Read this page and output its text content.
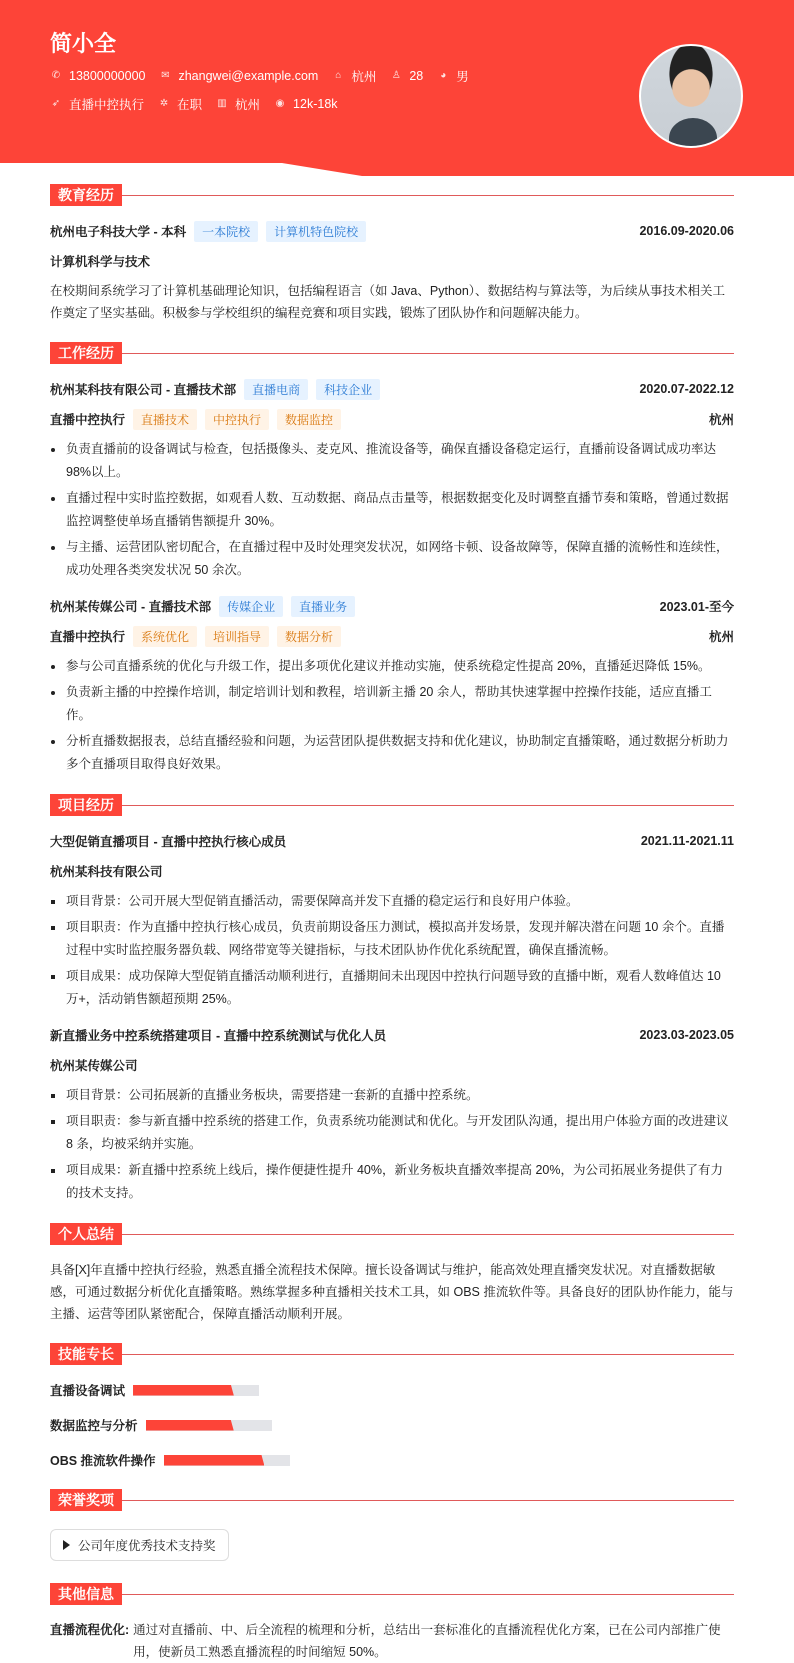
简小全
✆ 13800000000 ✉ zhangwei@example.com ⌂ 杭州 ♙ 28 ◕ 男
➶ 直播中控执行 ✲ 在职 ▥ 杭州 ◉ 12k-18k
教育经历
杭州电子科技大学 - 本科	一本院校	计算机特色院校	2016.09-2020.06
计算机科学与技术
在校期间系统学习了计算机基础理论知识，包括编程语言（如 Java、Python）、数据结构与算法等，为后续从事技术相关工作奠定了坚实基础。积极参与学校组织的编程竞赛和项目实践，锻炼了团队协作和问题解决能力。
工作经历
杭州某科技有限公司 - 直播技术部	直播电商	科技企业	2020.07-2022.12
直播中控执行	直播技术	中控执行	数据监控	杭州
负责直播前的设备调试与检查，包括摄像头、麦克风、推流设备等，确保直播设备稳定运行，直播前设备调试成功率达 98%以上。
直播过程中实时监控数据，如观看人数、互动数据、商品点击量等，根据数据变化及时调整直播节奏和策略，曾通过数据监控调整使单场直播销售额提升 30%。
与主播、运营团队密切配合，在直播过程中及时处理突发状况，如网络卡顿、设备故障等，保障直播的流畅性和连续性，成功处理各类突发状况 50 余次。
杭州某传媒公司 - 直播技术部	传媒企业	直播业务	2023.01-至今
直播中控执行	系统优化	培训指导	数据分析	杭州
参与公司直播系统的优化与升级工作，提出多项优化建议并推动实施，使系统稳定性提高 20%，直播延迟降低 15%。
负责新主播的中控操作培训，制定培训计划和教程，培训新主播 20 余人，帮助其快速掌握中控操作技能，适应直播工作。
分析直播数据报表，总结直播经验和问题，为运营团队提供数据支持和优化建议，协助制定直播策略，通过数据分析助力多个直播项目取得良好效果。
项目经历
大型促销直播项目 - 直播中控执行核心成员	2021.11-2021.11
杭州某科技有限公司
项目背景：公司开展大型促销直播活动，需要保障高并发下直播的稳定运行和良好用户体验。
项目职责：作为直播中控执行核心成员，负责前期设备压力测试，模拟高并发场景，发现并解决潜在问题 10 余个。直播过程中实时监控服务器负载、网络带宽等关键指标，与技术团队协作优化系统配置，确保直播流畅。
项目成果：成功保障大型促销直播活动顺利进行，直播期间未出现因中控执行问题导致的直播中断，观看人数峰值达 10 万+，活动销售额超预期 25%。
新直播业务中控系统搭建项目 - 直播中控系统测试与优化人员	2023.03-2023.05
杭州某传媒公司
项目背景：公司拓展新的直播业务板块，需要搭建一套新的直播中控系统。
项目职责：参与新直播中控系统的搭建工作，负责系统功能测试和优化。与开发团队沟通，提出用户体验方面的改进建议 8 条，均被采纳并实施。
项目成果：新直播中控系统上线后，操作便捷性提升 40%，新业务板块直播效率提高 20%，为公司拓展业务提供了有力的技术支持。
个人总结
具备[X]年直播中控执行经验，熟悉直播全流程技术保障。擅长设备调试与维护，能高效处理直播突发状况。对直播数据敏感，可通过数据分析优化直播策略。熟练掌握多种直播相关技术工具，如 OBS 推流软件等。具备良好的团队协作能力，能与主播、运营等团队紧密配合，保障直播活动顺利开展。
技能专长
直播设备调试
数据监控与分析
OBS 推流软件操作
荣誉奖项
公司年度优秀技术支持奖
其他信息
直播流程优化: 通过对直播前、中、后全流程的梳理和分析，总结出一套标准化的直播流程优化方案，已在公司内部推广使用，使新员工熟悉直播流程的时间缩短 50%。
